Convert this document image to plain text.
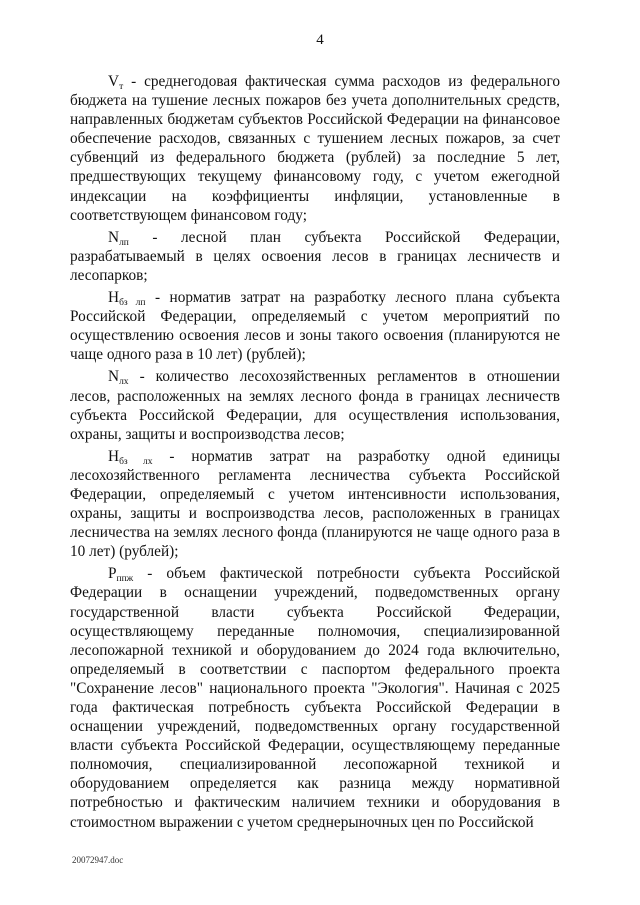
4

Vт - среднегодовая фактическая сумма расходов из федерального бюджета на тушение лесных пожаров без учета дополнительных средств, направленных бюджетам субъектов Российской Федерации на финансовое обеспечение расходов, связанных с тушением лесных пожаров, за счет субвенций из федерального бюджета (рублей) за последние 5 лет, предшествующих текущему финансовому году, с учетом ежегодной индексации на коэффициенты инфляции, установленные в соответствующем финансовом году;

Nлп - лесной план субъекта Российской Федерации, разрабатываемый в целях освоения лесов в границах лесничеств и лесопарков;

Нбз лп - норматив затрат на разработку лесного плана субъекта Российской Федерации, определяемый с учетом мероприятий по осуществлению освоения лесов и зоны такого освоения (планируются не чаще одного раза в 10 лет) (рублей);

Nлх - количество лесохозяйственных регламентов в отношении лесов, расположенных на землях лесного фонда в границах лесничеств субъекта Российской Федерации, для осуществления использования, охраны, защиты и воспроизводства лесов;

Нбз лх - норматив затрат на разработку одной единицы лесохозяйственного регламента лесничества субъекта Российской Федерации, определяемый с учетом интенсивности использования, охраны, защиты и воспроизводства лесов, расположенных в границах лесничества на землях лесного фонда (планируются не чаще одного раза в 10 лет) (рублей);

Pппж - объем фактической потребности субъекта Российской Федерации в оснащении учреждений, подведомственных органу государственной власти субъекта Российской Федерации, осуществляющему переданные полномочия, специализированной лесопожарной техникой и оборудованием до 2024 года включительно, определяемый в соответствии с паспортом федерального проекта "Сохранение лесов" национального проекта "Экология". Начиная с 2025 года фактическая потребность субъекта Российской Федерации в оснащении учреждений, подведомственных органу государственной власти субъекта Российской Федерации, осуществляющему переданные полномочия, специализированной лесопожарной техникой и оборудованием определяется как разница между нормативной потребностью и фактическим наличием техники и оборудования в стоимостном выражении с учетом среднерыночных цен по Российской

20072947.doc
